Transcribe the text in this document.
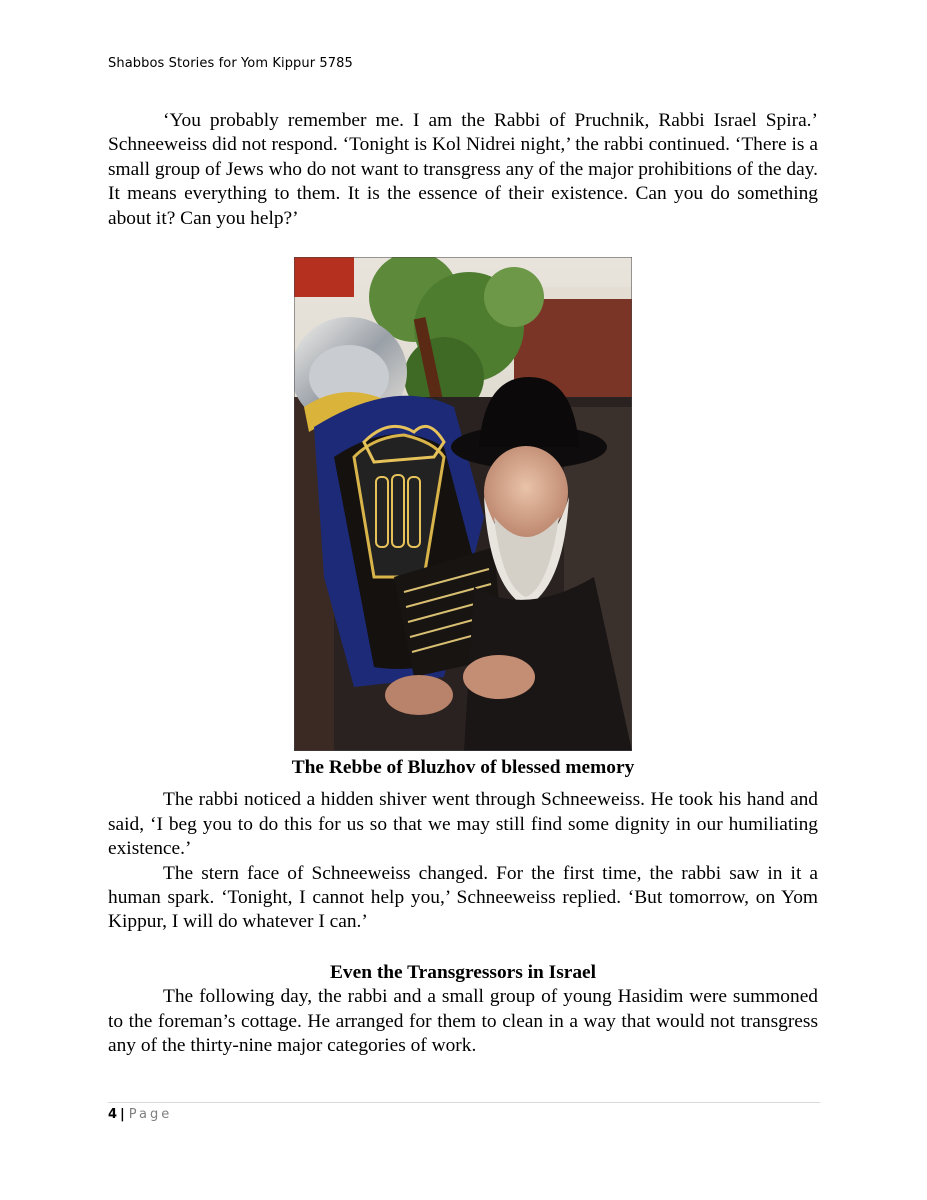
Shabbos Stories for Yom Kippur 5785

‘You probably remember me. I am the Rabbi of Pruchnik, Rabbi Israel Spira.’ Schneeweiss did not respond. ‘Tonight is Kol Nidrei night,’ the rabbi continued. ‘There is a small group of Jews who do not want to transgress any of the major prohibitions of the day. It means everything to them. It is the essence of their existence. Can you do something about it? Can you help?’

The Rebbe of Bluzhov of blessed memory

The rabbi noticed a hidden shiver went through Schneeweiss. He took his hand and said, ‘I beg you to do this for us so that we may still find some dignity in our humiliating existence.’

The stern face of Schneeweiss changed. For the first time, the rabbi saw in it a human spark. ‘Tonight, I cannot help you,’ Schneeweiss replied. ‘But tomorrow, on Yom Kippur, I will do whatever I can.’

Even the Transgressors in Israel

The following day, the rabbi and a small group of young Hasidim were summoned to the foreman’s cottage. He arranged for them to clean in a way that would not transgress any of the thirty-nine major categories of work.

4 | Page
